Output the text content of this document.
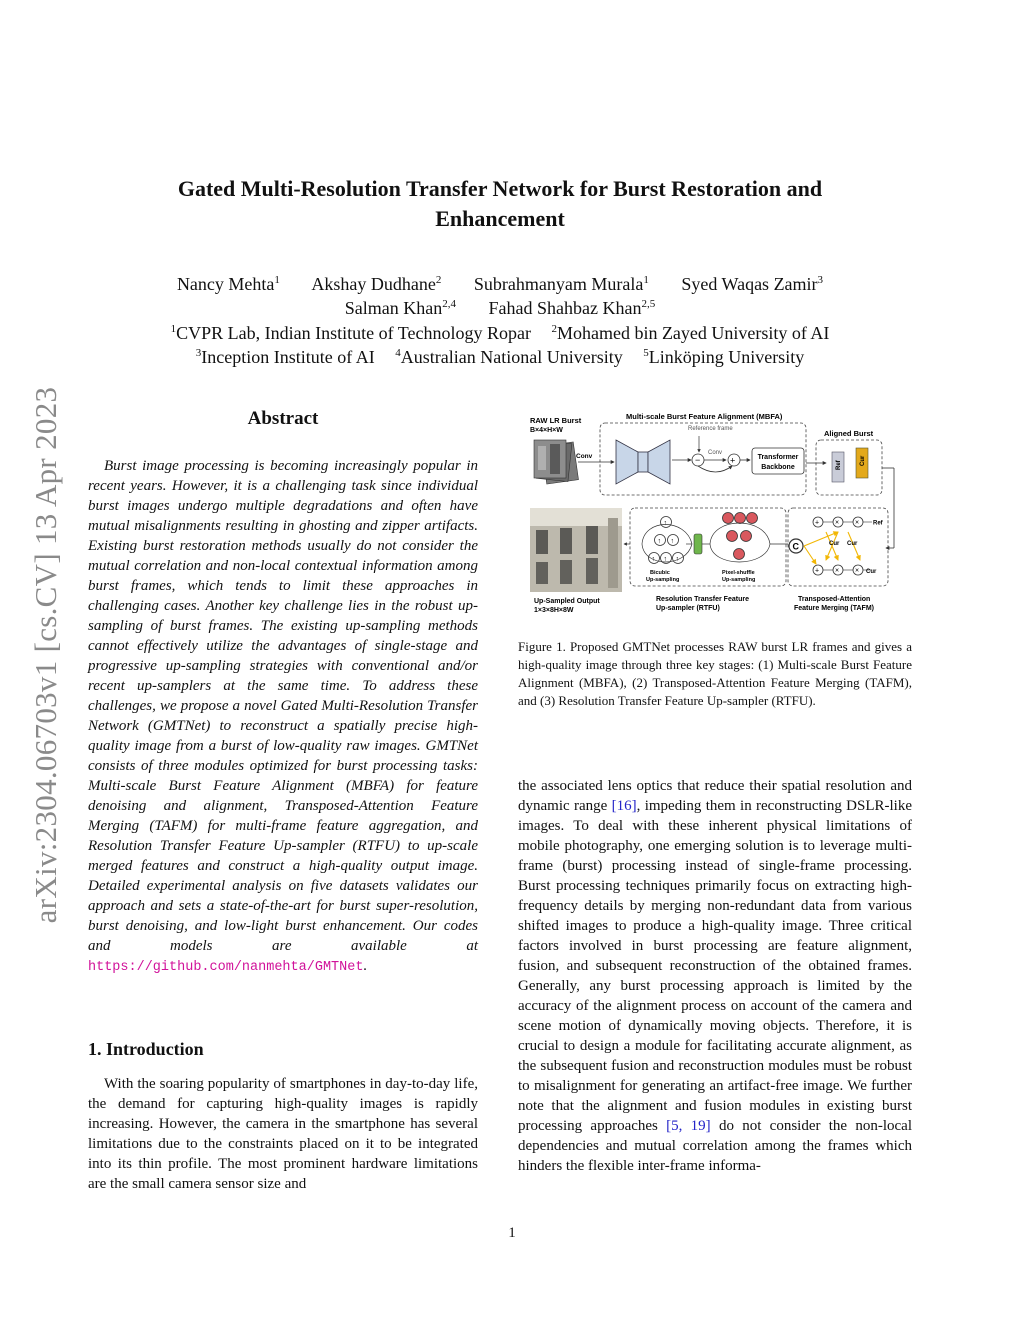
arXiv:2304.06703v1 [cs.CV] 13 Apr 2023
Gated Multi-Resolution Transfer Network for Burst Restoration and Enhancement
Nancy Mehta$^1$ Akshay Dudhane$^2$ Subrahmanyam Murala$^1$ Syed Waqas Zamir$^3$
Salman Khan$^{2,4}$ Fahad Shahbaz Khan$^{2,5}$
$^1$CVPR Lab, Indian Institute of Technology Ropar $^2$Mohamed bin Zayed University of AI
$^3$Inception Institute of AI $^4$Australian National University $^5$Linköping University
Abstract

Burst image processing is becoming increasingly popular in recent years. However, it is a challenging task since individual burst images undergo multiple degradations and often have mutual misalignments resulting in ghosting and zipper artifacts. Existing burst restoration methods usually do not consider the mutual correlation and non-local contextual information among burst frames, which tends to limit these approaches in challenging cases. Another key challenge lies in the robust up-sampling of burst frames. The existing up-sampling methods cannot effectively utilize the advantages of single-stage and progressive up-sampling strategies with conventional and/or recent up-samplers at the same time. To address these challenges, we propose a novel Gated Multi-Resolution Transfer Network (GMTNet) to reconstruct a spatially precise high-quality image from a burst of low-quality raw images. GMTNet consists of three modules optimized for burst processing tasks: Multi-scale Burst Feature Alignment (MBFA) for feature denoising and alignment, Transposed-Attention Feature Merging (TAFM) for multi-frame feature aggregation, and Resolution Transfer Feature Up-sampler (RTFU) to up-scale merged features and construct a high-quality output image. Detailed experimental analysis on five datasets validates our approach and sets a state-of-the-art for burst super-resolution, burst denoising, and low-light burst enhancement. Our codes and models are available at https://github.com/nanmehta/GMTNet.

1. Introduction

With the soaring popularity of smartphones in day-to-day life, the demand for capturing high-quality images is rapidly increasing. However, the camera in the smartphone has several limitations due to the constraints placed on it to be integrated into its thin profile. The most prominent hardware limitations are the small camera sensor size and

RAW LR Burst
B×4×H×W
Multi-scale Burst Feature Alignment (MBFA)
Conv
Reference frame
−
Conv
+	Transformer
Backbone
Aligned Burst
Ref	Cur
Up-Sampled Output
1×3×8H×8W
↑
↑ ↑
↑ ↑ ↑
Bicubic
Up-sampling
Pixel-shuffle
Up-sampling
Resolution Transfer Feature
Up-sampler (RTFU)
C
+ × ×
+ × ×
Ref
Cur Cur
Cur
Transposed-Attention
Feature Merging (TAFM)
Figure 1. Proposed GMTNet processes RAW burst LR frames and gives a high-quality image through three key stages: (1) Multi-scale Burst Feature Alignment (MBFA), (2) Transposed-Attention Feature Merging (TAFM), and (3) Resolution Transfer Feature Up-sampler (RTFU).

the associated lens optics that reduce their spatial resolution and dynamic range [16], impeding them in reconstructing DSLR-like images. To deal with these inherent physical limitations of mobile photography, one emerging solution is to leverage multi-frame (burst) processing instead of single-frame processing. Burst processing techniques primarily focus on extracting high-frequency details by merging non-redundant data from various shifted images to produce a high-quality image. Three critical factors involved in burst processing are feature alignment, fusion, and subsequent reconstruction of the obtained frames. Generally, any burst processing approach is limited by the accuracy of the alignment process on account of the camera and scene motion of dynamically moving objects. Therefore, it is crucial to design a module for facilitating accurate alignment, as the subsequent fusion and reconstruction modules must be robust to misalignment for generating an artifact-free image. We further note that the alignment and fusion modules in existing burst processing approaches [5, 19] do not consider the non-local dependencies and mutual correlation among the frames which hinders the flexible inter-frame informa-

1
